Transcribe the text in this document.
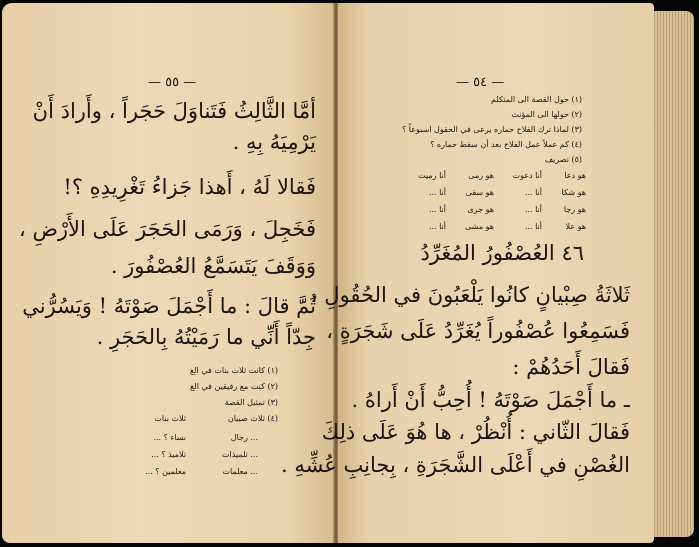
— ٥٥ —
أمَّا الثَّالِثُ فَتَناوَلَ حَجَراً ، وأَرادَ أَنْ
يَرْمِيَهُ بِهِ .
فَقالا لَهُ ، أَهذا جَزاءُ تَغْرِيدِهِ ؟!
فَخَجِلَ ، وَرَمَى الحَجَرَ عَلَى الأَرْضِ ،
وَوَقَفَ يَتَسَمَّعُ العُصْفُورَ .
ثُمَّ قالَ : ما أَجْمَلَ صَوْتَهُ ! وَيَسُرُّني
جِدّاً أَنِّي ما رَمَيْتُهُ بِالحَجَرِ .
(١) كانت ثلاث بنات في الغ
(٢) كنت مع رفيقين في الغ
(٣) تمثيل القصة
(٤) ثلاث صبيان
ثلاث بنات
... رجال
نساء ؟ ...
... تلميذات
تلاميذ ؟ ...
... معلمات
معلمين ؟ ...
— ٥٤ —
(١) حول القصة الى المتكلم
(٢) حولها الى المؤنث
(٣) لماذا ترك الفلاح حماره يرعى في الحقول اسبوعاً ؟
(٤) كم عملاً عمل الفلاح بعد أن سقط حماره ؟
(٥) تصريف
هو دعا
أنا دعوت
هو رمى
أنا رميت
هو شكا
أنا ...
هو سقى
أنا ...
هو رجا
أنا ...
هو جرى
أنا ...
هو علا
أنا ...
هو مشى
أنا ...
٤٦ العُصْفُورُ المُغَرِّدُ
ثَلاثَةُ صِبْيانٍ كانُوا يَلْعَبُونَ في الحُقُولِ ،
فَسَمِعُوا عُصْفُوراً يُغَرِّدُ عَلَى شَجَرَةٍ ،
فَقالَ أَحَدُهُمْ :
ـ ما أَجْمَلَ صَوْتَهُ ! أُحِبُّ أَنْ أَراهُ .
فَقالَ الثّاني : أُنْظُرْ ، ها هُوَ عَلَى ذلِكَ
الغُصْنِ في أَعْلَى الشَّجَرَةِ ، بِجانِبِ عُشِّهِ .
